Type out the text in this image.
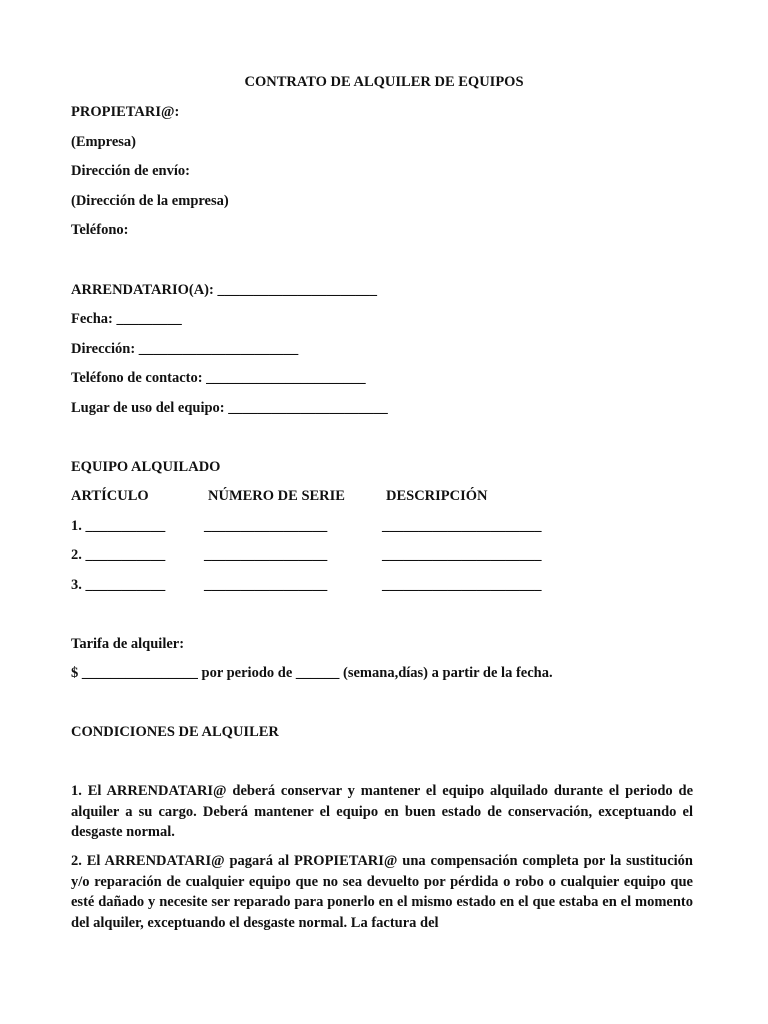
CONTRATO DE ALQUILER DE EQUIPOS
PROPIETARI@:
(Empresa)
Dirección de envío:
(Dirección de la empresa)
Teléfono:
ARRENDATARIO(A): ______________________
Fecha: _________
Dirección: ______________________
Teléfono de contacto: ______________________
Lugar de uso del equipo: ______________________
EQUIPO ALQUILADO
ARTÍCULO	NÚMERO DE SERIE	DESCRIPCIÓN
1. ___________	_________________	______________________
2. ___________	_________________	______________________
3. ___________	_________________	______________________
Tarifa de alquiler:
$ ________________ por periodo de ______ (semana,días) a partir de la fecha.
CONDICIONES DE ALQUILER
1. El ARRENDATARI@ deberá conservar y mantener el equipo alquilado durante el periodo de alquiler a su cargo. Deberá mantener el equipo en buen estado de conservación, exceptuando el desgaste normal.
2. El ARRENDATARI@ pagará al PROPIETARI@ una compensación completa por la sustitución y/o reparación de cualquier equipo que no sea devuelto por pérdida o robo o cualquier equipo que esté dañado y necesite ser reparado para ponerlo en el mismo estado en el que estaba en el momento del alquiler, exceptuando el desgaste normal. La factura del
